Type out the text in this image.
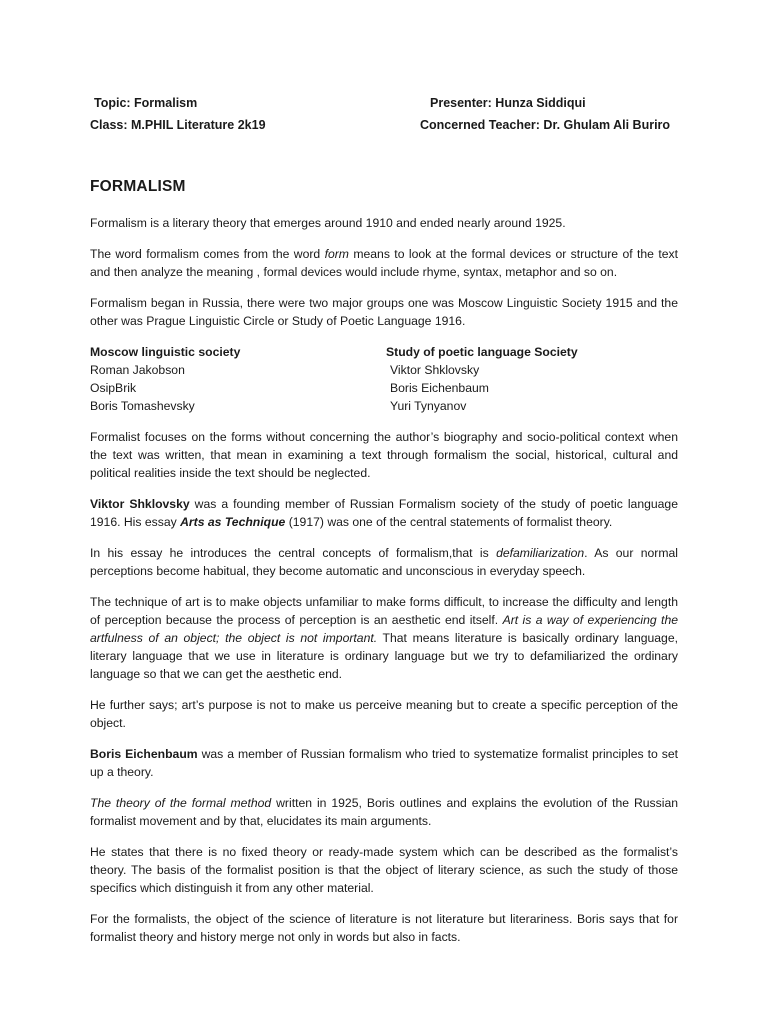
Topic: Formalism	Presenter: Hunza Siddiqui
Class: M.PHIL Literature 2k19	Concerned Teacher: Dr. Ghulam Ali Buriro
FORMALISM

Formalism is a literary theory that emerges around 1910 and ended nearly around 1925.

The word formalism comes from the word form means to look at the formal devices or structure of the text and then analyze the meaning , formal devices would include rhyme, syntax, metaphor and so on.

Formalism began in Russia, there were two major groups one was Moscow Linguistic Society 1915 and the other was Prague Linguistic Circle or Study of Poetic Language 1916.

Moscow linguistic society
Roman Jakobson
OsipBrik
Boris Tomashevsky
Study of poetic language Society
Viktor Shklovsky
Boris Eichenbaum
Yuri Tynyanov

Formalist focuses on the forms without concerning the author’s biography and socio-political context when the text was written, that mean in examining a text through formalism the social, historical, cultural and political realities inside the text should be neglected.

Viktor Shklovsky was a founding member of Russian Formalism society of the study of poetic language 1916. His essay Arts as Technique (1917) was one of the central statements of formalist theory.

In his essay he introduces the central concepts of formalism,that is defamiliarization. As our normal perceptions become habitual, they become automatic and unconscious in everyday speech.

The technique of art is to make objects unfamiliar to make forms difficult, to increase the difficulty and length of perception because the process of perception is an aesthetic end itself. Art is a way of experiencing the artfulness of an object; the object is not important. That means literature is basically ordinary language, literary language that we use in literature is ordinary language but we try to defamiliarized the ordinary language so that we can get the aesthetic end.

He further says; art’s purpose is not to make us perceive meaning but to create a specific perception of the object.

Boris Eichenbaum was a member of Russian formalism who tried to systematize formalist principles to set up a theory.

The theory of the formal method written in 1925, Boris outlines and explains the evolution of the Russian formalist movement and by that, elucidates its main arguments.

He states that there is no fixed theory or ready-made system which can be described as the formalist’s theory. The basis of the formalist position is that the object of literary science, as such the study of those specifics which distinguish it from any other material.

For the formalists, the object of the science of literature is not literature but literariness. Boris says that for formalist theory and history merge not only in words but also in facts.
